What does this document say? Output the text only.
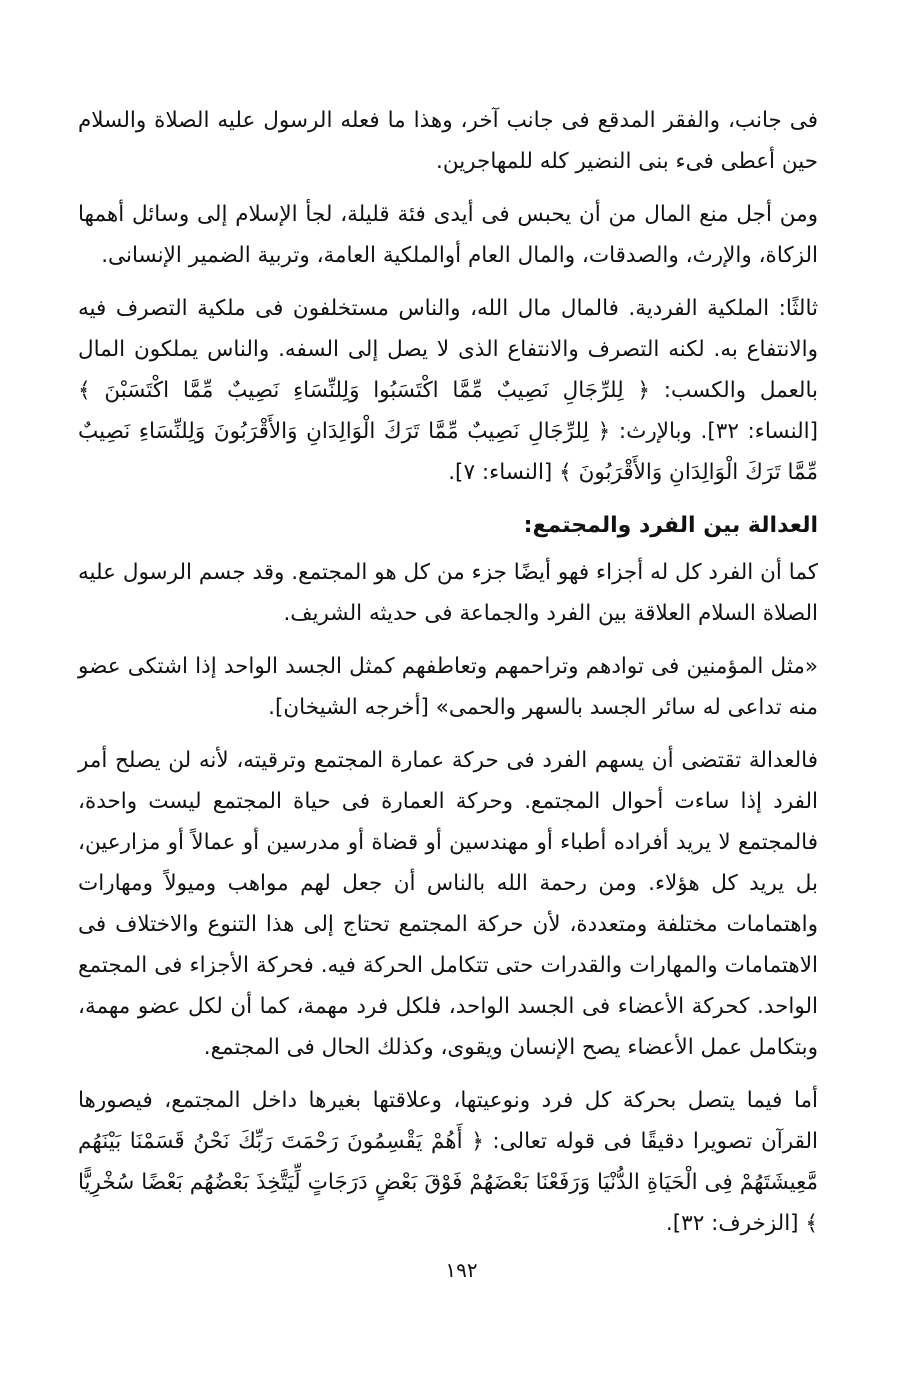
فى جانب، والفقر المدقع فى جانب آخر، وهذا ما فعله الرسول عليه الصلاة والسلام حين أعطى فىء بنى النضير كله للمهاجرين.

ومن أجل منع المال من أن يحبس فى أيدى فئة قليلة، لجأ الإسلام إلى وسائل أهمها الزكاة، والإرث، والصدقات، والمال العام أوالملكية العامة، وتربية الضمير الإنسانى.

ثالثًا: الملكية الفردية. فالمال مال الله، والناس مستخلفون فى ملكية التصرف فيه والانتفاع به. لكنه التصرف والانتفاع الذى لا يصل إلى السفه. والناس يملكون المال بالعمل والكسب: ﴿ لِلرِّجَالِ نَصِيبٌ مِّمَّا اكْتَسَبُوا وَلِلنِّسَاءِ نَصِيبٌ مِّمَّا اكْتَسَبْنَ ﴾ [النساء: ٣٢]. وبالإرث: ﴿ لِلرِّجَالِ نَصِيبٌ مِّمَّا تَرَكَ الْوَالِدَانِ وَالأَقْرَبُونَ وَلِلنِّسَاءِ نَصِيبٌ مِّمَّا تَرَكَ الْوَالِدَانِ وَالأَقْرَبُونَ ﴾ [النساء: ٧].

العدالة بين الفرد والمجتمع:

كما أن الفرد كل له أجزاء فهو أيضًا جزء من كل هو المجتمع. وقد جسم الرسول عليه الصلاة السلام العلاقة بين الفرد والجماعة فى حديثه الشريف.

«مثل المؤمنين فى توادهم وتراحمهم وتعاطفهم كمثل الجسد الواحد إذا اشتكى عضو منه تداعى له سائر الجسد بالسهر والحمى» [أخرجه الشيخان].

فالعدالة تقتضى أن يسهم الفرد فى حركة عمارة المجتمع وترقيته، لأنه لن يصلح أمر الفرد إذا ساءت أحوال المجتمع. وحركة العمارة فى حياة المجتمع ليست واحدة، فالمجتمع لا يريد أفراده أطباء أو مهندسين أو قضاة أو مدرسين أو عمالاً أو مزارعين، بل يريد كل هؤلاء. ومن رحمة الله بالناس أن جعل لهم مواهب وميولاً ومهارات واهتمامات مختلفة ومتعددة، لأن حركة المجتمع تحتاج إلى هذا التنوع والاختلاف فى الاهتمامات والمهارات والقدرات حتى تتكامل الحركة فيه. فحركة الأجزاء فى المجتمع الواحد. كحركة الأعضاء فى الجسد الواحد، فلكل فرد مهمة، كما أن لكل عضو مهمة، وبتكامل عمل الأعضاء يصح الإنسان ويقوى، وكذلك الحال فى المجتمع.

أما فيما يتصل بحركة كل فرد ونوعيتها، وعلاقتها بغيرها داخل المجتمع، فيصورها القرآن تصويرا دقيقًا فى قوله تعالى: ﴿ أَهُمْ يَقْسِمُونَ رَحْمَتَ رَبِّكَ نَحْنُ قَسَمْنَا بَيْنَهُم مَّعِيشَتَهُمْ فِى الْحَيَاةِ الدُّنْيَا وَرَفَعْنَا بَعْضَهُمْ فَوْقَ بَعْضٍ دَرَجَاتٍ لِّيَتَّخِذَ بَعْضُهُم بَعْضًا سُخْرِيًّا ﴾ [الزخرف: ٣٢].

١٩٢
